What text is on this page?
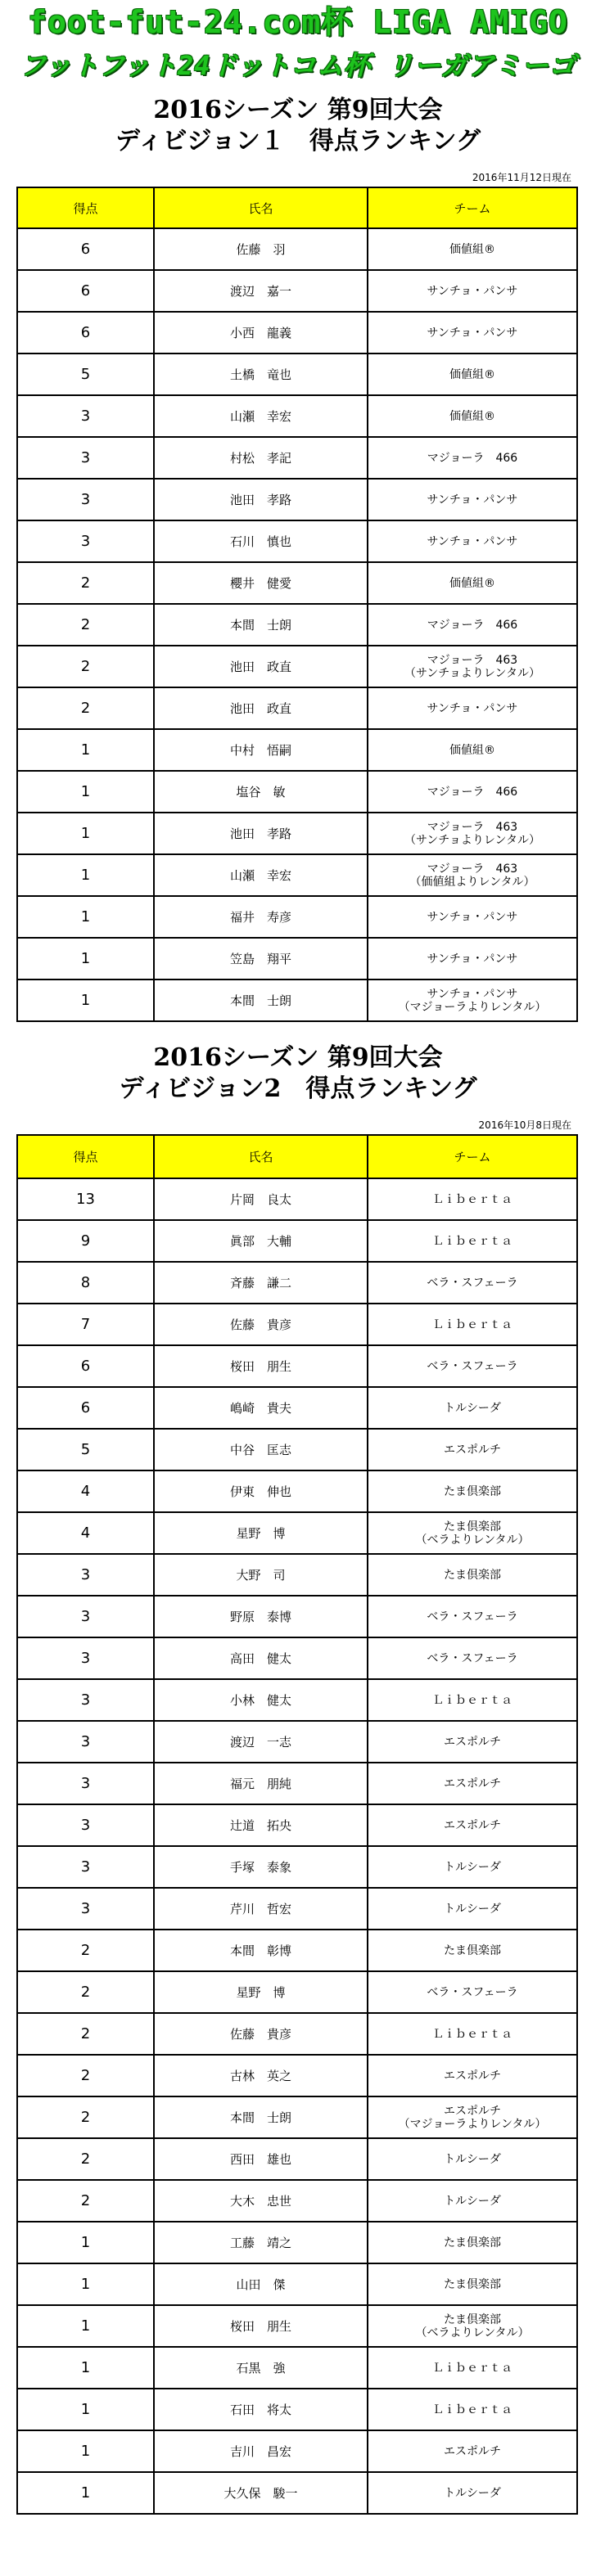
foot-fut-24.com杯 LIGA AMIGO
フットフット24ドットコム杯 リーガアミーゴ
2016シーズン 第9回大会
ディビジョン１　得点ランキング
2016年11月12日現在
得点	氏名	チーム
6	佐藤　羽	価値組®

6	渡辺　嘉一	サンチョ・パンサ

6	小西　龍義	サンチョ・パンサ

5	土橋　竜也	価値組®

3	山瀬　幸宏	価値組®

3	村松　孝記	マジョーラ　466

3	池田　孝路	サンチョ・パンサ

3	石川　慎也	サンチョ・パンサ

2	櫻井　健愛	価値組®

2	本間　士朗	マジョーラ　466

2	池田　政直	マジョーラ　463
（サンチョよりレンタル）

2	池田　政直	サンチョ・パンサ

1	中村　悟嗣	価値組®

1	塩谷　敏	マジョーラ　466

1	池田　孝路	マジョーラ　463
（サンチョよりレンタル）

1	山瀬　幸宏	マジョーラ　463
（価値組よりレンタル）

1	福井　寿彦	サンチョ・パンサ

1	笠島　翔平	サンチョ・パンサ

1	本間　士朗	サンチョ・パンサ
（マジョーラよりレンタル）
2016シーズン 第9回大会
ディビジョン2　得点ランキング
2016年10月8日現在
得点	氏名	チーム
13	片岡　良太	Ｌｉｂｅｒｔａ

9	眞部　大輔	Ｌｉｂｅｒｔａ

8	斉藤　謙二	ベラ・スフェーラ

7	佐藤　貴彦	Ｌｉｂｅｒｔａ

6	桜田　朋生	ベラ・スフェーラ

6	嶋崎　貴夫	トルシーダ

5	中谷　匡志	エスポルチ

4	伊東　伸也	たま倶楽部

4	星野　博	たま倶楽部
（ベラよりレンタル）

3	大野　司	たま倶楽部

3	野原　泰博	ベラ・スフェーラ

3	高田　健太	ベラ・スフェーラ

3	小林　健太	Ｌｉｂｅｒｔａ

3	渡辺　一志	エスポルチ

3	福元　朋純	エスポルチ

3	辻道　拓央	エスポルチ

3	手塚　泰象	トルシーダ

3	芹川　哲宏	トルシーダ

2	本間　彰博	たま倶楽部

2	星野　博	ベラ・スフェーラ

2	佐藤　貴彦	Ｌｉｂｅｒｔａ

2	古林　英之	エスポルチ

2	本間　士朗	エスポルチ
（マジョーラよりレンタル）

2	西田　雄也	トルシーダ

2	大木　忠世	トルシーダ

1	工藤　靖之	たま倶楽部

1	山田　傑	たま倶楽部

1	桜田　朋生	たま倶楽部
（ベラよりレンタル）

1	石黒　強	Ｌｉｂｅｒｔａ

1	石田　将太	Ｌｉｂｅｒｔａ

1	吉川　昌宏	エスポルチ

1	大久保　駿一	トルシーダ
